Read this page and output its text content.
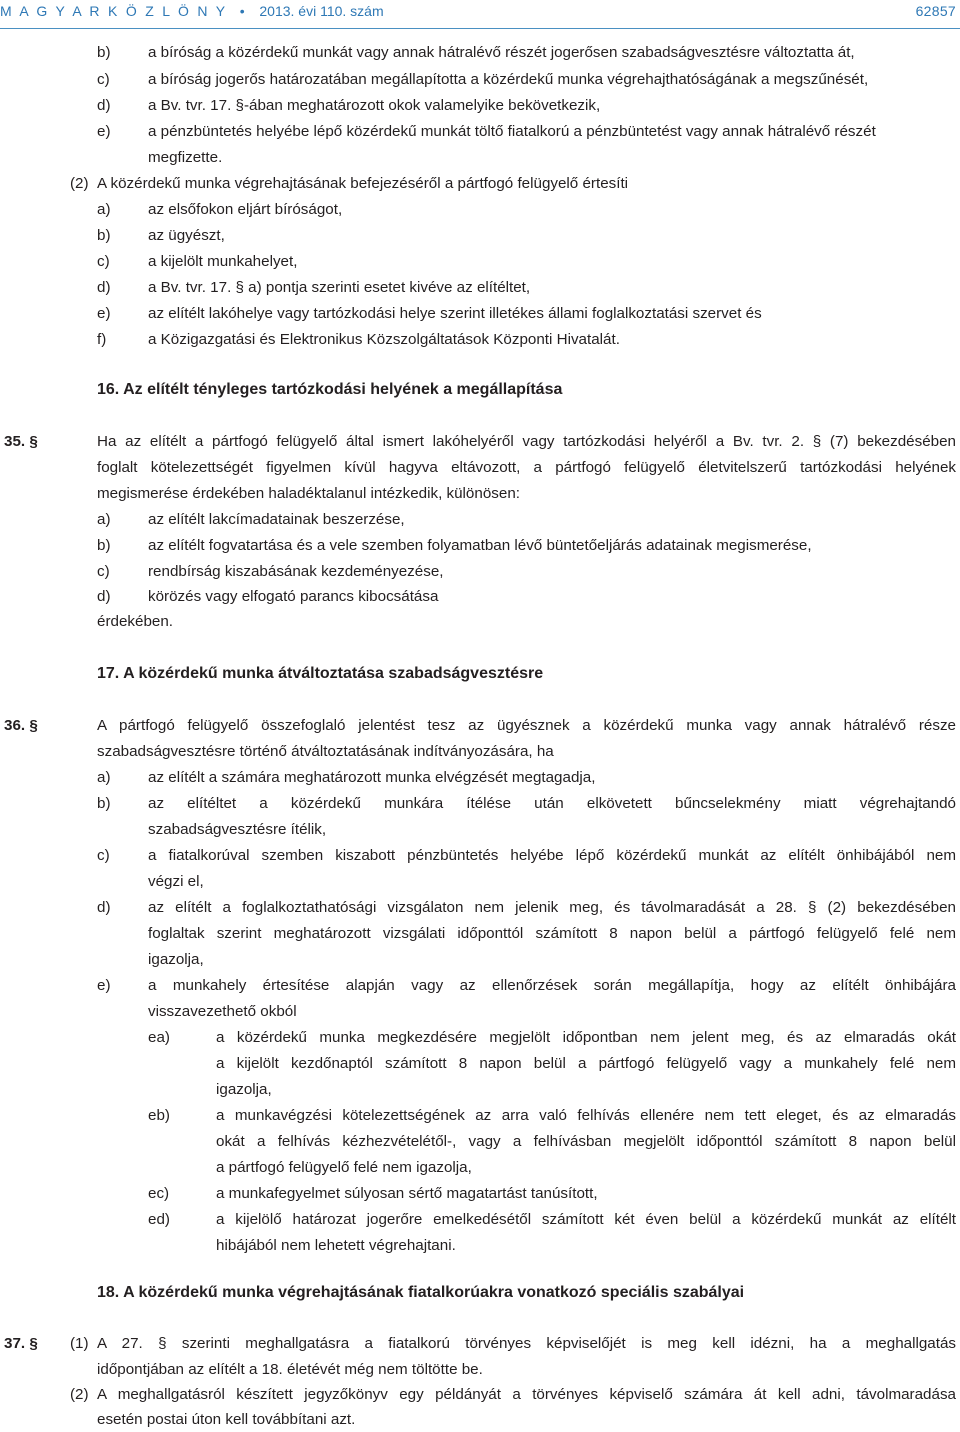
M A G Y A R K Ö Z L Ö N Y • 2013. évi 110. szám	62857
b) a bíróság a közérdekű munkát vagy annak hátralévő részét jogerősen szabadságvesztésre változtatta át,
c)	a bíróság jogerős határozatában megállapította a közérdekű munka végrehajthatóságának a megszűnését,
d) a Bv. tvr. 17. §-ában meghatározott okok valamelyike bekövetkezik,
e) a pénzbüntetés helyébe lépő közérdekű munkát töltő fiatalkorú a pénzbüntetést vagy annak hátralévő részét
megfizette.
(2) A közérdekű munka végrehajtásának befejezéséről a pártfogó felügyelő értesíti
a) az elsőfokon eljárt bíróságot,
b) az ügyészt,
c)	a kijelölt munkahelyet,
d) a Bv. tvr. 17. § a) pontja szerinti esetet kivéve az elítéltet,
e) az elítélt lakóhelye vagy tartózkodási helye szerint illetékes állami foglalkoztatási szervet és
f)	a Közigazgatási és Elektronikus Közszolgáltatások Központi Hivatalát.
16. Az elítélt tényleges tartózkodási helyének a megállapítása
35. §	Ha az elítélt a pártfogó felügyelő által ismert lakóhelyéről vagy tartózkodási helyéről a Bv. tvr. 2. § (7) bekezdésében
foglalt kötelezettségét figyelmen kívül hagyva eltávozott, a pártfogó felügyelő életvitelszerű tartózkodási helyének
megismerése érdekében haladéktalanul intézkedik, különösen:
a) az elítélt lakcímadatainak beszerzése,
b) az elítélt fogvatartása és a vele szemben folyamatban lévő büntetőeljárás adatainak megismerése,
c)	rendbírság kiszabásának kezdeményezése,
d) körözés vagy elfogató parancs kibocsátása
érdekében.
17. A közérdekű munka átváltoztatása szabadságvesztésre
36. §	A pártfogó felügyelő összefoglaló jelentést tesz az ügyésznek a közérdekű munka vagy annak hátralévő része
szabadságvesztésre történő átváltoztatásának indítványozására, ha
a) az elítélt a számára meghatározott munka elvégzését megtagadja,
b) az elítéltet a közérdekű munkára ítélése után elkövetett bűncselekmény miatt végrehajtandó
szabadságvesztésre ítélik,
c)	a fiatalkorúval szemben kiszabott pénzbüntetés helyébe lépő közérdekű munkát az elítélt önhibájából nem
végzi el,
d) az elítélt a foglalkoztathatósági vizsgálaton nem jelenik meg, és távolmaradását a 28. § (2) bekezdésében
foglaltak szerint meghatározott vizsgálati időponttól számított 8 napon belül a pártfogó felügyelő felé nem
igazolja,
e) a munkahely értesítése alapján vagy az ellenőrzések során megállapítja, hogy az elítélt önhibájára
visszavezethető okból
ea)	a közérdekű munka megkezdésére megjelölt időpontban nem jelent meg, és az elmaradás okát
a kijelölt kezdőnaptól számított 8 napon belül a pártfogó felügyelő vagy a munkahely felé nem
igazolja,
eb)	a munkavégzési kötelezettségének az arra való felhívás ellenére nem tett eleget, és az elmaradás
okát a felhívás kézhezvételétől-, vagy a felhívásban megjelölt időponttól számított 8 napon belül
a pártfogó felügyelő felé nem igazolja,
ec)	a munkafegyelmet súlyosan sértő magatartást tanúsított,
ed)	a kijelölő határozat jogerőre emelkedésétől számított két éven belül a közérdekű munkát az elítélt
hibájából nem lehetett végrehajtani.
18. A közérdekű munka végrehajtásának fiatalkorúakra vonatkozó speciális szabályai
37. § (1) A 27. § szerinti meghallgatásra a fiatalkorú törvényes képviselőjét is meg kell idézni, ha a meghallgatás
időpontjában az elítélt a 18. életévét még nem töltötte be.
(2) A meghallgatásról készített jegyzőkönyv egy példányát a törvényes képviselő számára át kell adni, távolmaradása
esetén postai úton kell továbbítani azt.
